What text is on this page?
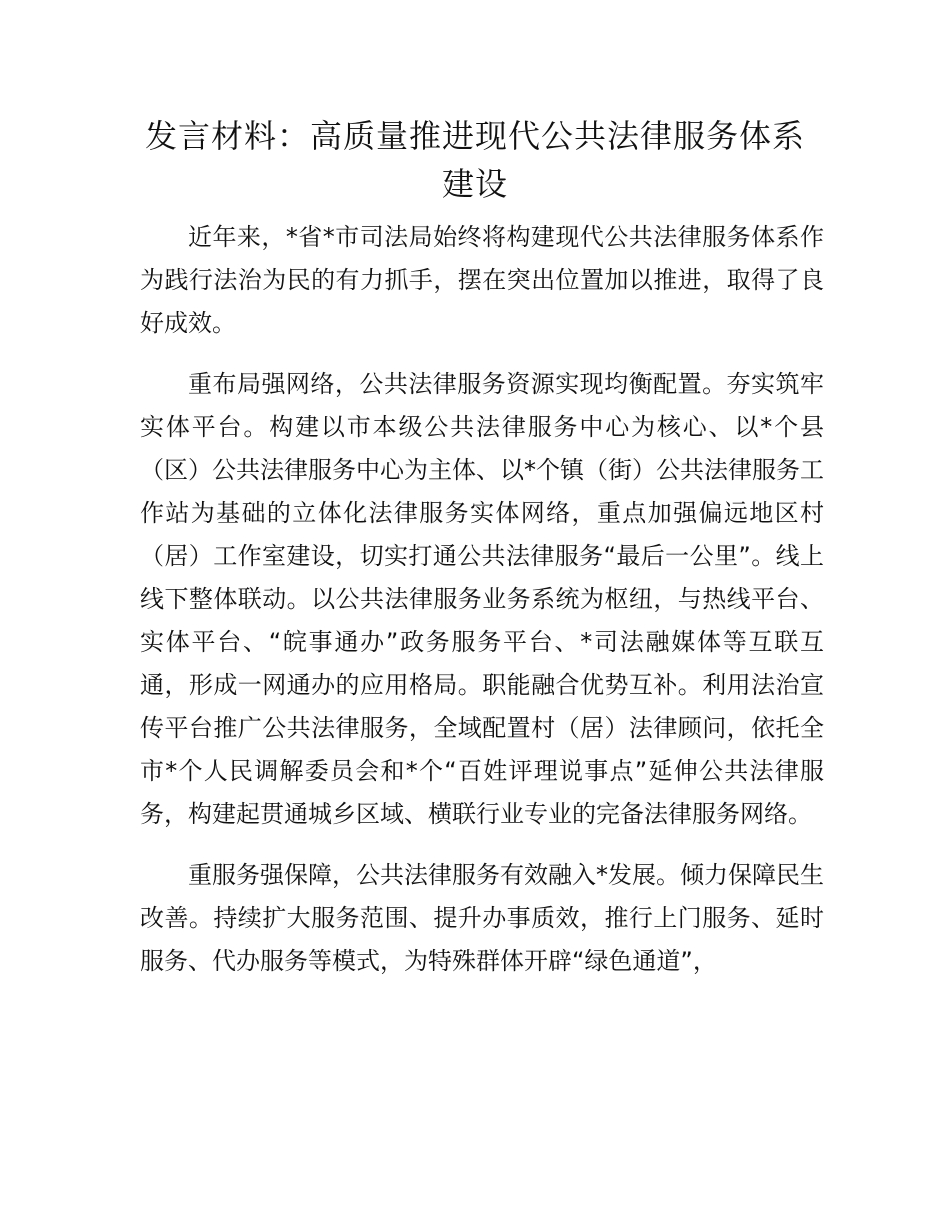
发言材料：高质量推进现代公共法律服务体系建设

近年来，*省*市司法局始终将构建现代公共法律服务体系作为践行法治为民的有力抓手，摆在突出位置加以推进，取得了良好成效。

重布局强网络，公共法律服务资源实现均衡配置。夯实筑牢实体平台。构建以市本级公共法律服务中心为核心、以*个县（区）公共法律服务中心为主体、以*个镇（街）公共法律服务工作站为基础的立体化法律服务实体网络，重点加强偏远地区村（居）工作室建设，切实打通公共法律服务“最后一公里”。线上线下整体联动。以公共法律服务业务系统为枢纽，与热线平台、实体平台、“皖事通办”政务服务平台、*司法融媒体等互联互通，形成一网通办的应用格局。职能融合优势互补。利用法治宣传平台推广公共法律服务，全域配置村（居）法律顾问，依托全市*个人民调解委员会和*个“百姓评理说事点”延伸公共法律服务，构建起贯通城乡区域、横联行业专业的完备法律服务网络。

重服务强保障，公共法律服务有效融入*发展。倾力保障民生改善。持续扩大服务范围、提升办事质效，推行上门服务、延时服务、代办服务等模式，为特殊群体开辟“绿色通道”，
